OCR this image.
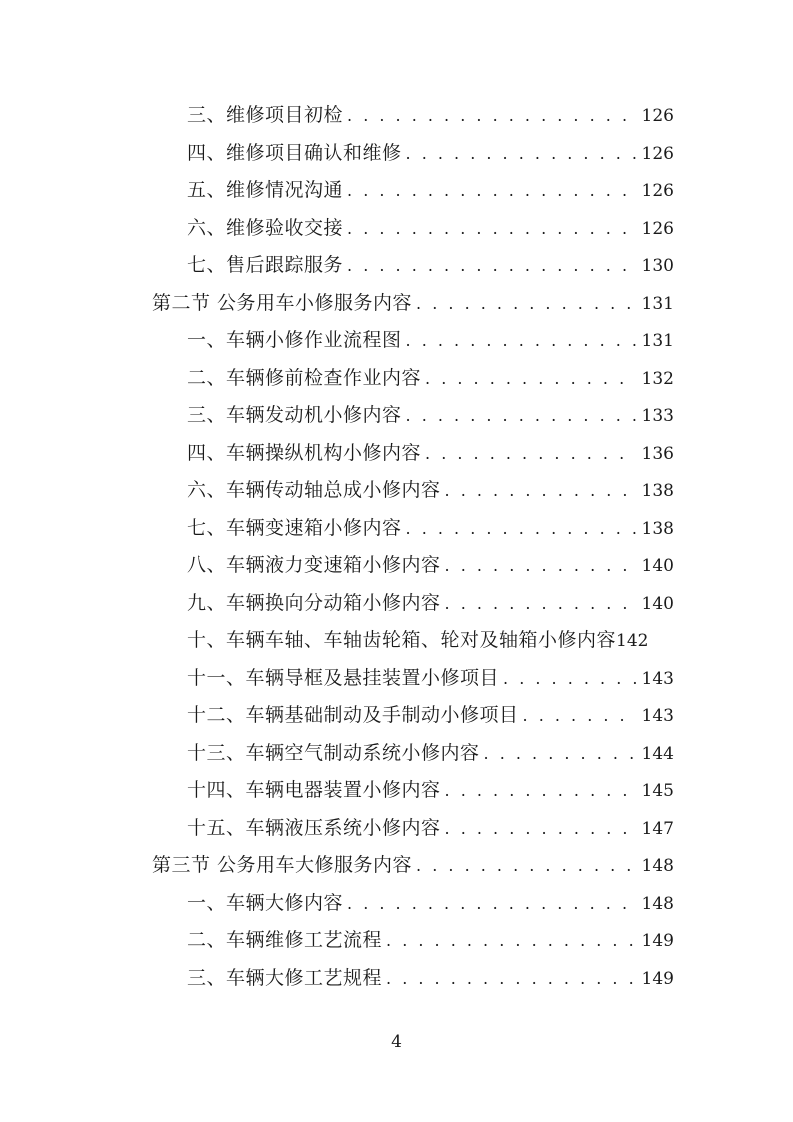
三、维修项目初检 . . .	126
四、维修项目确认和维修 . . .	126
五、维修情况沟通 . . .	126
六、维修验收交接 . . .	126
七、售后跟踪服务 . . .	130
第二节 公务用车小修服务内容 . . .	131
一、车辆小修作业流程图 . . .	131
二、车辆修前检查作业内容 . . .	132
三、车辆发动机小修内容 . . .	133
四、车辆操纵机构小修内容 . . .	136
六、车辆传动轴总成小修内容 . . .	138
七、车辆变速箱小修内容 . . .	138
八、车辆液力变速箱小修内容 . . .	140
九、车辆换向分动箱小修内容 . . .	140
十、车辆车轴、车轴齿轮箱、轮对及轴箱小修内容 142
十一、车辆导框及悬挂装置小修项目 . . .	143
十二、车辆基础制动及手制动小修项目 . . .	143
十三、车辆空气制动系统小修内容 . . .	144
十四、车辆电器装置小修内容 . . .	145
十五、车辆液压系统小修内容 . . .	147
第三节 公务用车大修服务内容 . . .	148
一、车辆大修内容 . . .	148
二、车辆维修工艺流程 . . .	149
三、车辆大修工艺规程 . . .	149
4
